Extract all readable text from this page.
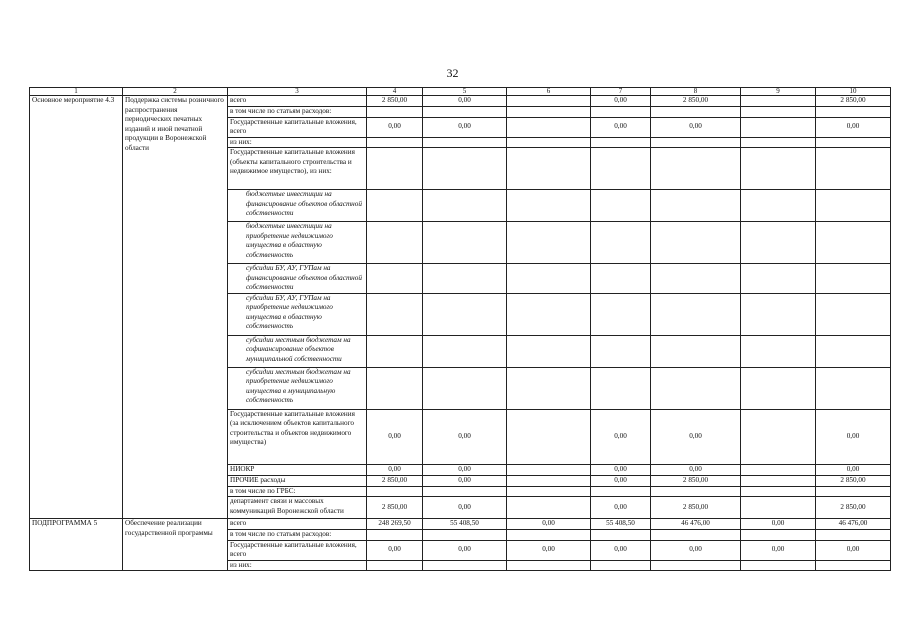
32
1	2	3	4	5	6	7	8	9	10
Основное мероприятие 4.3	Поддержка системы розничного распространения периодических печатных изданий и иной печатной продукции в Воронежской области	всего	2 850,00	0,00		0,00	2 850,00		2 850,00
		в том числе по статьям расходов:							
		Государственные капитальные вложения, всего	0,00	0,00		0,00	0,00		0,00
		из них:							
		Государственные капитальные вложения (объекты капитального строительства и недвижимое имущество), из них:							
		бюджетные инвестиции на финансирование объектов областной собственности							
		бюджетные инвестиции на приобретение недвижимого имущества в областную собственность							
		субсидии БУ, АУ, ГУПам на финансирование объектов областной собственности							
		субсидии БУ, АУ, ГУПам на приобретение недвижимого имущества в областную собственность							
		субсидии местным бюджетам на софинансирование объектов муниципальной собственности							
		субсидии местным бюджетам на приобретение недвижимого имущества в муниципальную собственность							
		Государственные капитальные вложения (за исключением объектов капитального строительства и объектов недвижимого имущества)	0,00	0,00		0,00	0,00		0,00
		НИОКР	0,00	0,00		0,00	0,00		0,00
		ПРОЧИЕ расходы	2 850,00	0,00		0,00	2 850,00		2 850,00
		в том числе по ГРБС:							
		департамент связи и массовых коммуникаций Воронежской области	2 850,00	0,00		0,00	2 850,00		2 850,00
ПОДПРОГРАММА 5	Обеспечение реализации государственной программы	всего	248 269,50	55 408,50	0,00	55 408,50	46 476,00	0,00	46 476,00
		в том числе по статьям расходов:							
		Государственные капитальные вложения, всего	0,00	0,00	0,00	0,00	0,00	0,00	0,00
		из них:							
